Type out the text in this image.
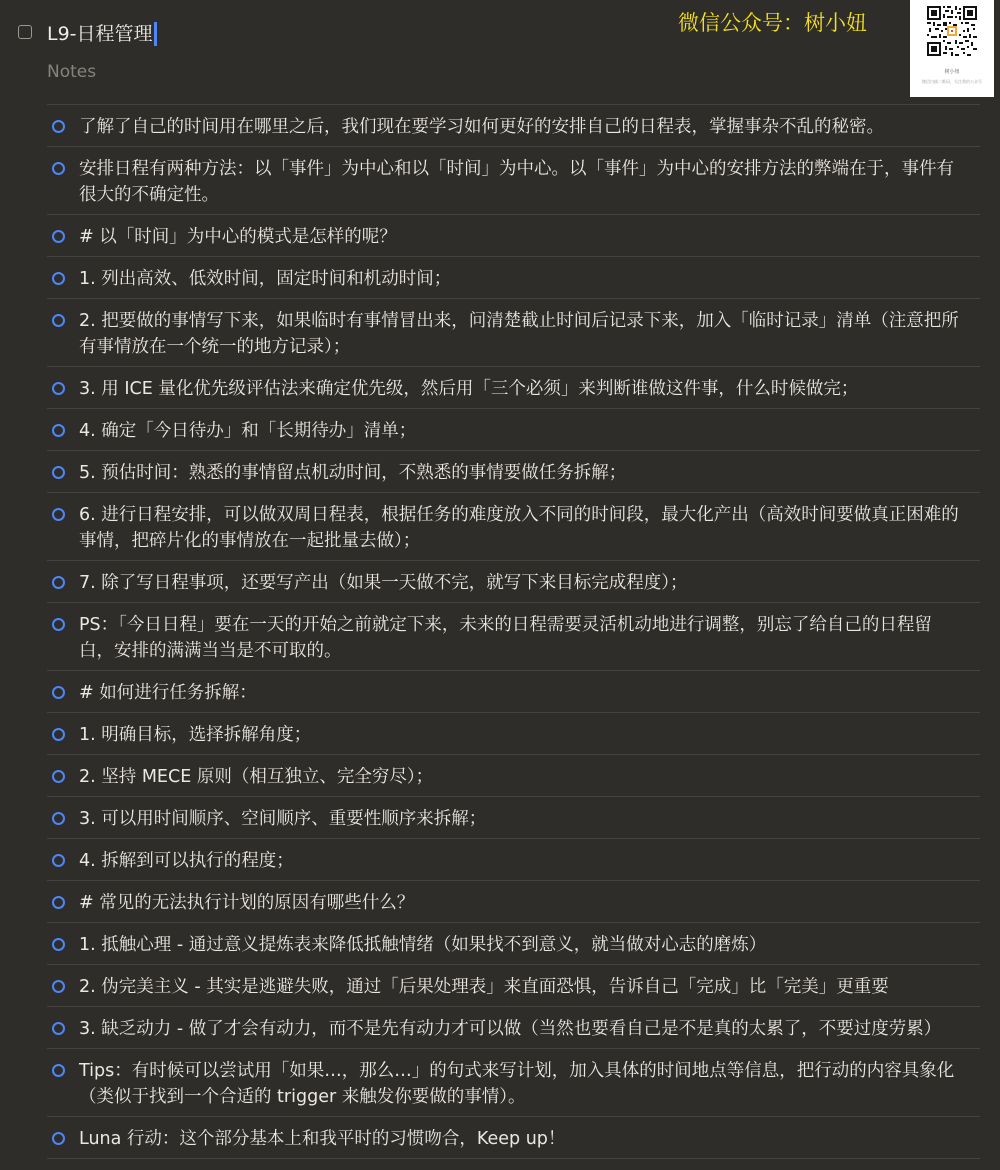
L9-日程管理
Notes
微信公众号：树小妞
树小妞
微信扫描二维码，关注我的公众号
了解了自己的时间用在哪里之后，我们现在要学习如何更好的安排自己的日程表，掌握事杂不乱的秘密。
安排日程有两种方法：以「事件」为中心和以「时间」为中心。以「事件」为中心的安排方法的弊端在于，事件有很大的不确定性。
# 以「时间」为中心的模式是怎样的呢？
1. 列出高效、低效时间，固定时间和机动时间；
2. 把要做的事情写下来，如果临时有事情冒出来，问清楚截止时间后记录下来，加入「临时记录」清单（注意把所有事情放在一个统一的地方记录）；
3. 用 ICE 量化优先级评估法来确定优先级，然后用「三个必须」来判断谁做这件事，什么时候做完；
4. 确定「今日待办」和「长期待办」清单；
5. 预估时间：熟悉的事情留点机动时间，不熟悉的事情要做任务拆解；
6. 进行日程安排，可以做双周日程表，根据任务的难度放入不同的时间段，最大化产出（高效时间要做真正困难的事情，把碎片化的事情放在一起批量去做）；
7. 除了写日程事项，还要写产出（如果一天做不完，就写下来目标完成程度）；
PS：「今日日程」要在一天的开始之前就定下来，未来的日程需要灵活机动地进行调整，别忘了给自己的日程留白，安排的满满当当是不可取的。
# 如何进行任务拆解：
1. 明确目标，选择拆解角度；
2. 坚持 MECE 原则（相互独立、完全穷尽）；
3. 可以用时间顺序、空间顺序、重要性顺序来拆解；
4. 拆解到可以执行的程度；
# 常见的无法执行计划的原因有哪些什么？
1. 抵触心理 - 通过意义提炼表来降低抵触情绪（如果找不到意义，就当做对心志的磨炼）
2. 伪完美主义 - 其实是逃避失败，通过「后果处理表」来直面恐惧，告诉自己「完成」比「完美」更重要
3. 缺乏动力 - 做了才会有动力，而不是先有动力才可以做（当然也要看自己是不是真的太累了，不要过度劳累）
Tips：有时候可以尝试用「如果…，那么…」的句式来写计划，加入具体的时间地点等信息，把行动的内容具象化（类似于找到一个合适的 trigger 来触发你要做的事情）。
Luna 行动：这个部分基本上和我平时的习惯吻合，Keep up！
